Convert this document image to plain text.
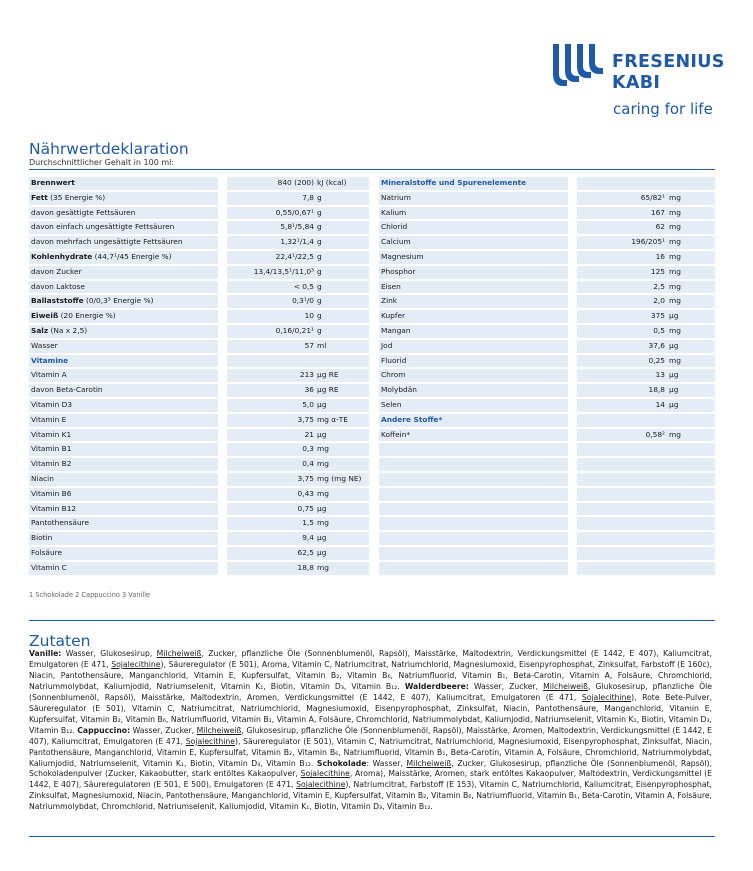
FRESENIUS
KABI
caring for life
Nährwertdeklaration
Durchschnittlicher Gehalt in 100 ml:
Brennwert	840 (200) kJ (kcal)
Fett (35 Energie %)	7,8 g
davon gesättigte Fettsäuren	0,55/0,67¹ g
davon einfach ungesättigte Fettsäuren	5,8¹/5,84 g
davon mehrfach ungesättigte Fettsäuren	1,32¹/1,4 g
Kohlenhydrate (44,7¹/45 Energie %)	22,4¹/22,5 g
davon Zucker	13,4/13,5¹/11,0³ g
davon Laktose	< 0,5 g
Ballaststoffe (0/0,3³ Energie %)	0,3¹/0 g
Eiweiß (20 Energie %)	10 g
Salz (Na x 2,5)	0,16/0,21¹ g
Wasser	57 ml
Vitamine
Vitamin A	213 µg RE
davon Beta-Carotin	36 µg RE
Vitamin D3	5,0 µg
Vitamin E	3,75 mg α-TE
Vitamin K1	21 µg
Vitamin B1	0,3 mg
Vitamin B2	0,4 mg
Niacin	3,75 mg (mg NE)
Vitamin B6	0,43 mg
Vitamin B12	0,75 µg
Pantothensäure	1,5 mg
Biotin	9,4 µg
Folsäure	62,5 µg
Vitamin C	18,8 mg
Mineralstoffe und Spurenelemente
Natrium	65/82¹ mg
Kalium	167 mg
Chlorid	62 mg
Calcium	196/205¹ mg
Magnesium	16 mg
Phosphor	125 mg
Eisen	2,5 mg
Zink	2,0 mg
Kupfer	375 µg
Mangan	0,5 mg
Jod	37,6 µg
Fluorid	0,25 mg
Chrom	13 µg
Molybdän	18,8 µg
Selen	14 µg
Andere Stoffe*
Koffein*	0,58² mg
1 Schokolade 2 Cappuccino 3 Vanille
Zutaten
Vanille: Wasser, Glukosesirup, Milcheiweiß, Zucker, pflanzliche Öle (Sonnenblumenöl, Rapsöl), Maisstärke, Maltodextrin, Verdickungsmittel (E 1442, E 407), Kaliumcitrat, Emulgatoren (E 471, Sojalecithine), Säureregulator (E 501), Aroma, Vitamin C, Natriumcitrat, Natriumchlorid, Magnesiumoxid, Eisenpyrophosphat, Zinksulfat, Farbstoff (E 160c), Niacin, Pantothensäure, Manganchlorid, Vitamin E, Kupfersulfat, Vitamin B₂, Vitamin B₆, Natriumfluorid, Vitamin B₁, Beta-Carotin, Vitamin A, Folsäure, Chromchlorid, Natriummolybdat, Kaliumjodid, Natriumselenit, Vitamin K₁, Biotin, Vitamin D₃, Vitamin B₁₂. Walderdbeere: Wasser, Zucker, Milcheiweiß, Glukosesirup, pflanzliche Öle (Sonnenblumenöl, Rapsöl), Maisstärke, Maltodextrin, Aromen, Verdickungsmittel (E 1442, E 407), Kaliumcitrat, Emulgatoren (E 471, Sojalecithine), Rote Bete-Pulver, Säureregulator (E 501), Vitamin C, Natriumcitrat, Natriumchlorid, Magnesiumoxid, Eisenpyrophosphat, Zinksulfat, Niacin, Pantothensäure, Manganchlorid, Vitamin E, Kupfersulfat, Vitamin B₂, Vitamin B₆, Natriumfluorid, Vitamin B₁, Vitamin A, Folsäure, Chromchlorid, Natriummolybdat, Kaliumjodid, Natriumselenit, Vitamin K₁, Biotin, Vitamin D₃, Vitamin B₁₂. Cappuccino: Wasser, Zucker, Milcheiweiß, Glukosesirup, pflanzliche Öle (Sonnenblumenöl, Rapsöl), Maisstärke, Aromen, Maltodextrin, Verdickungsmittel (E 1442, E 407), Kaliumcitrat, Emulgatoren (E 471, Sojalecithine), Säureregulator (E 501), Vitamin C, Natriumcitrat, Natriumchlorid, Magnesiumoxid, Eisenpyrophosphat, Zinksulfat, Niacin, Pantothensäure, Manganchlorid, Vitamin E, Kupfersulfat, Vitamin B₂, Vitamin B₆, Natriumfluorid, Vitamin B₁, Beta-Carotin, Vitamin A, Folsäure, Chromchlorid, Natriummolybdat, Kaliumjodid, Natriumselenit, Vitamin K₁, Biotin, Vitamin D₃, Vitamin B₁₂. Schokolade: Wasser, Milcheiweiß, Zucker, Glukosesirup, pflanzliche Öle (Sonnenblumenöl, Rapsöl), Schokoladenpulver (Zucker, Kakaobutter, stark entöltes Kakaopulver, Sojalecithine, Aroma), Maisstärke, Aromen, stark entöltes Kakaopulver, Maltodextrin, Verdickungsmittel (E 1442, E 407), Säureregulatoren (E 501, E 500), Emulgatoren (E 471, Sojalecithine), Natriumcitrat, Farbstoff (E 153), Vitamin C, Natriumchlorid, Kaliumcitrat, Eisenpyrophosphat, Zinksulfat, Magnesiumoxid, Niacin, Pantothensäure, Manganchlorid, Vitamin E, Kupfersulfat, Vitamin B₂, Vitamin B₆, Natriumfluorid, Vitamin B₁, Beta-Carotin, Vitamin A, Folsäure, Natriummolybdat, Chromchlorid, Natriumselenit, Kaliumjodid, Vitamin K₁, Biotin, Vitamin D₃, Vitamin B₁₂.
